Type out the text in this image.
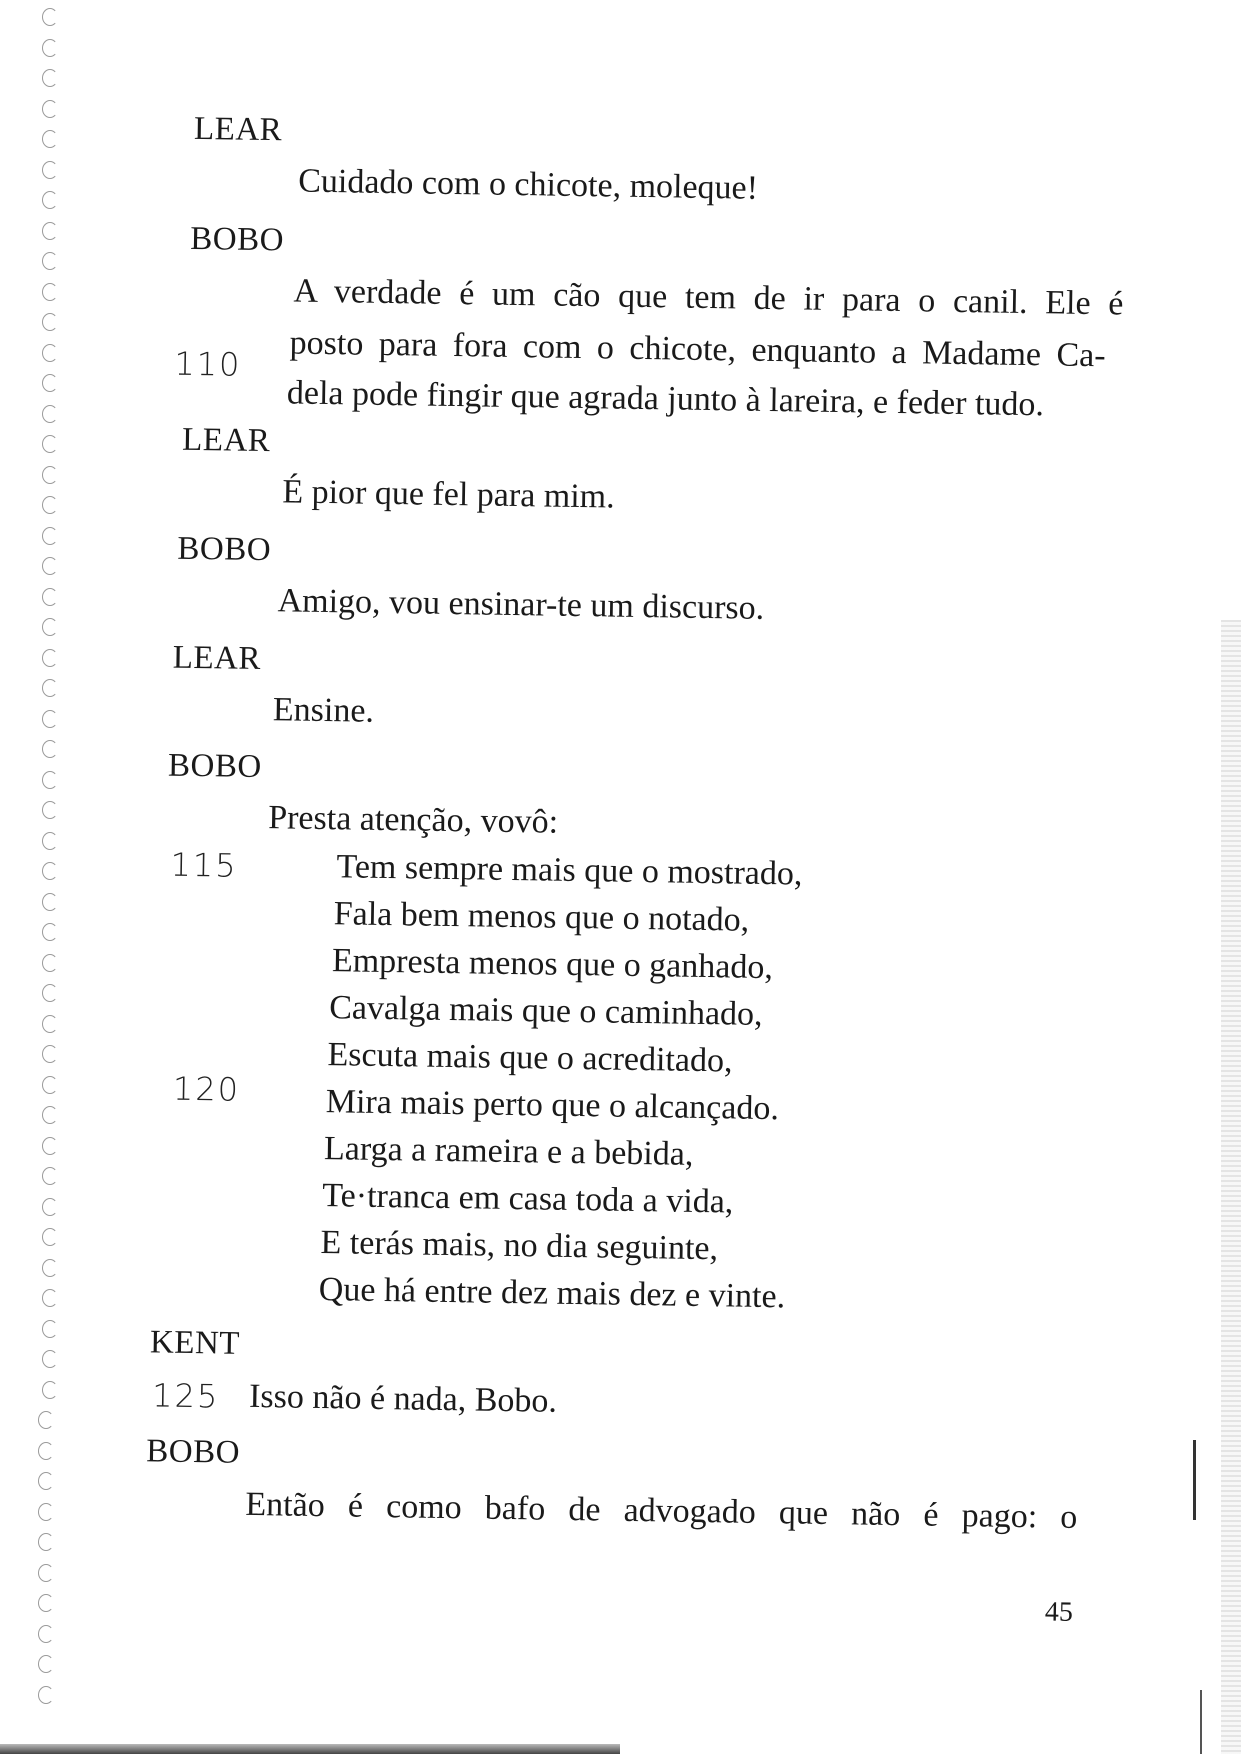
LEAR
Cuidado com o chicote, moleque!
BOBO
A verdade é um cão que tem de ir para o canil. Ele é
posto para fora com o chicote, enquanto a Madame Ca-
dela pode fingir que agrada junto à lareira, e feder tudo.
110
LEAR
É pior que fel para mim.
BOBO
Amigo, vou ensinar-te um discurso.
LEAR
Ensine.
BOBO
Presta atenção, vovô:
115	Tem sempre mais que o mostrado,
Fala bem menos que o notado,
Empresta menos que o ganhado,
Cavalga mais que o caminhado,
Escuta mais que o acreditado,
120	Mira mais perto que o alcançado.
Larga a rameira e a bebida,
Te·tranca em casa toda a vida,
E terás mais, no dia seguinte,
Que há entre dez mais dez e vinte.
KENT
125 Isso não é nada, Bobo.
BOBO
Então é como bafo de advogado que não é pago: o
45
